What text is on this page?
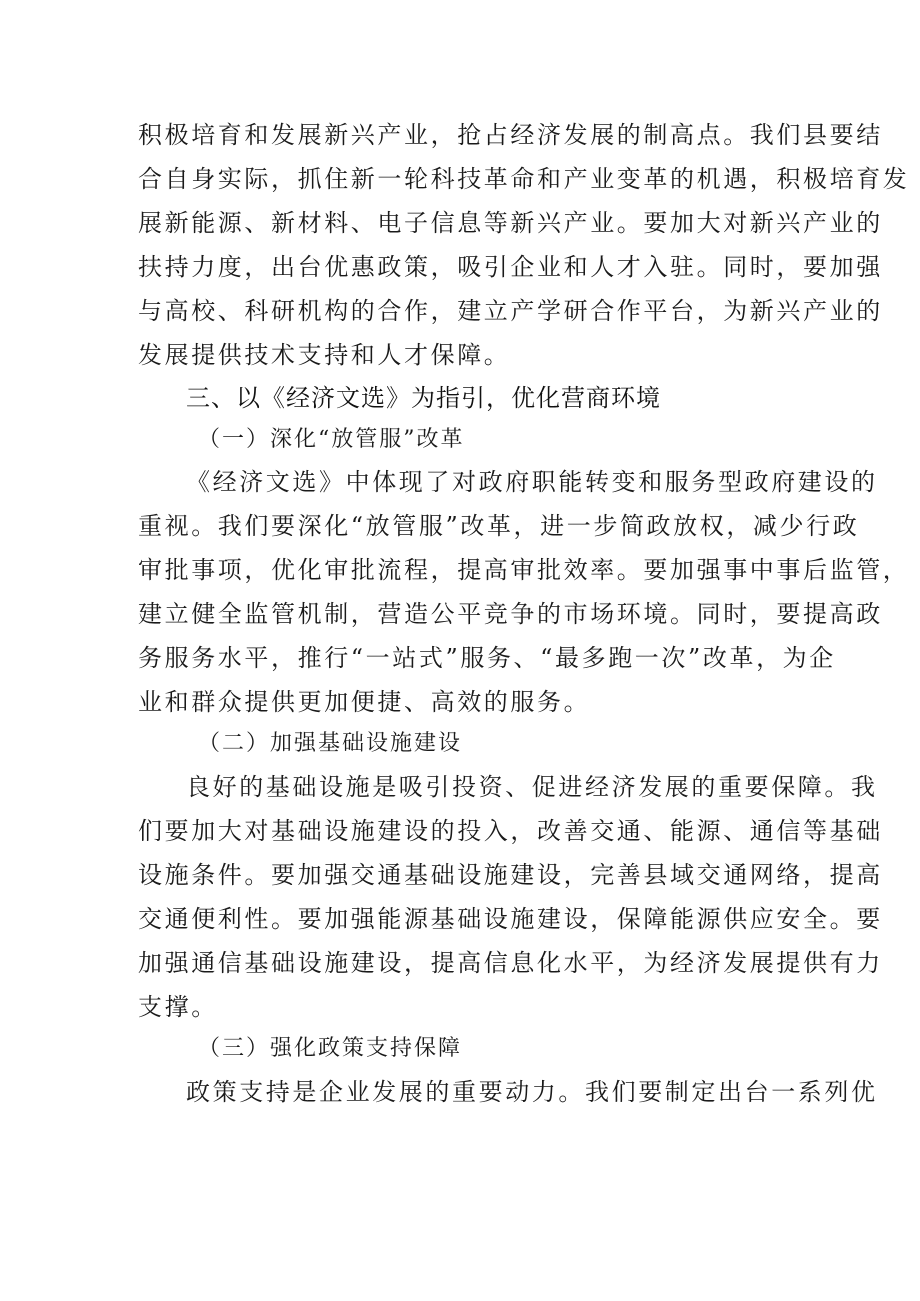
积极培育和发展新兴产业，抢占经济发展的制高点。我们县要结
合自身实际，抓住新一轮科技革命和产业变革的机遇，积极培育发
展新能源、新材料、电子信息等新兴产业。要加大对新兴产业的
扶持力度，出台优惠政策，吸引企业和人才入驻。同时，要加强
与高校、科研机构的合作，建立产学研合作平台，为新兴产业的
发展提供技术支持和人才保障。
三、以《经济文选》为指引，优化营商环境
（一）深化“放管服”改革
《经济文选》中体现了对政府职能转变和服务型政府建设的
重视。我们要深化“放管服”改革，进一步简政放权，减少行政
审批事项，优化审批流程，提高审批效率。要加强事中事后监管，
建立健全监管机制，营造公平竞争的市场环境。同时，要提高政
务服务水平，推行“一站式”服务、“最多跑一次”改革，为企
业和群众提供更加便捷、高效的服务。
（二）加强基础设施建设
良好的基础设施是吸引投资、促进经济发展的重要保障。我
们要加大对基础设施建设的投入，改善交通、能源、通信等基础
设施条件。要加强交通基础设施建设，完善县域交通网络，提高
交通便利性。要加强能源基础设施建设，保障能源供应安全。要
加强通信基础设施建设，提高信息化水平，为经济发展提供有力
支撑。
（三）强化政策支持保障
政策支持是企业发展的重要动力。我们要制定出台一系列优
